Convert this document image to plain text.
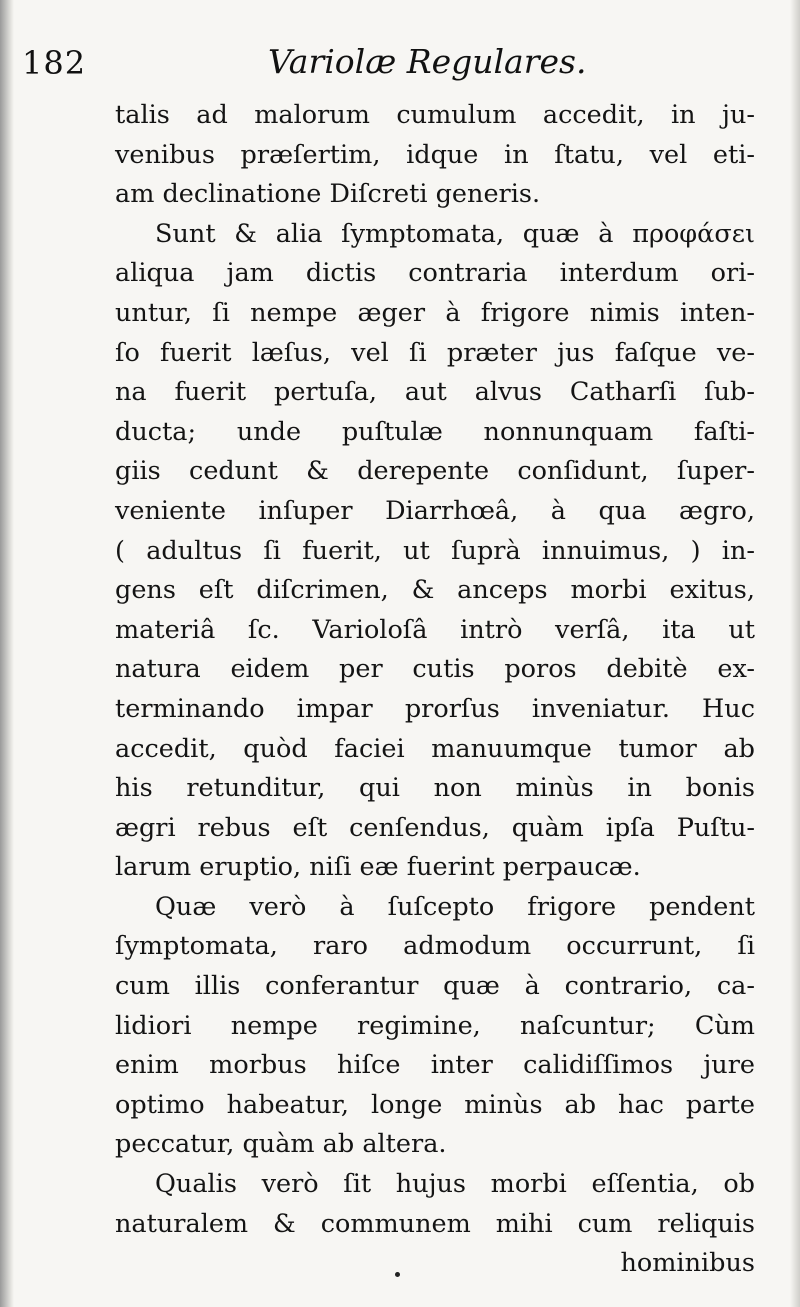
182	Variolæ Regulares.
talis ad malorum cumulum accedit, in ju-
venibus præſertim, idque in ſtatu, vel eti-
am declinatione Diſcreti generis.
Sunt & alia ſymptomata, quæ à προφάσει
aliqua jam dictis contraria interdum ori-
untur, ſi nempe æger à frigore nimis inten-
ſo fuerit læſus, vel ſi præter jus faſque ve-
na fuerit pertuſa, aut alvus Catharſi ſub-
ducta; unde puſtulæ nonnunquam faſti-
giis cedunt & derepente conſidunt, ſuper-
veniente inſuper Diarrhœâ, à qua ægro,
( adultus ſi fuerit, ut ſuprà innuimus, ) in-
gens eſt diſcrimen, & anceps morbi exitus,
materiâ ſc. Varioloſâ intrò verſâ, ita ut
natura eidem per cutis poros debitè ex-
terminando impar prorſus inveniatur. Huc
accedit, quòd faciei manuumque tumor ab
his retunditur, qui non minùs in bonis
ægri rebus eſt cenſendus, quàm ipſa Puſtu-
larum eruptio, niſi eæ fuerint perpaucæ.
Quæ verò à ſuſcepto frigore pendent
ſymptomata, raro admodum occurrunt, ſi
cum illis conferantur quæ à contrario, ca-
lidiori nempe regimine, naſcuntur; Cùm
enim morbus hiſce inter calidiſſimos jure
optimo habeatur, longe minùs ab hac parte
peccatur, quàm ab altera.
Qualis verò ſit hujus morbi eſſentia, ob
naturalem & communem mihi cum reliquis
hominibus
